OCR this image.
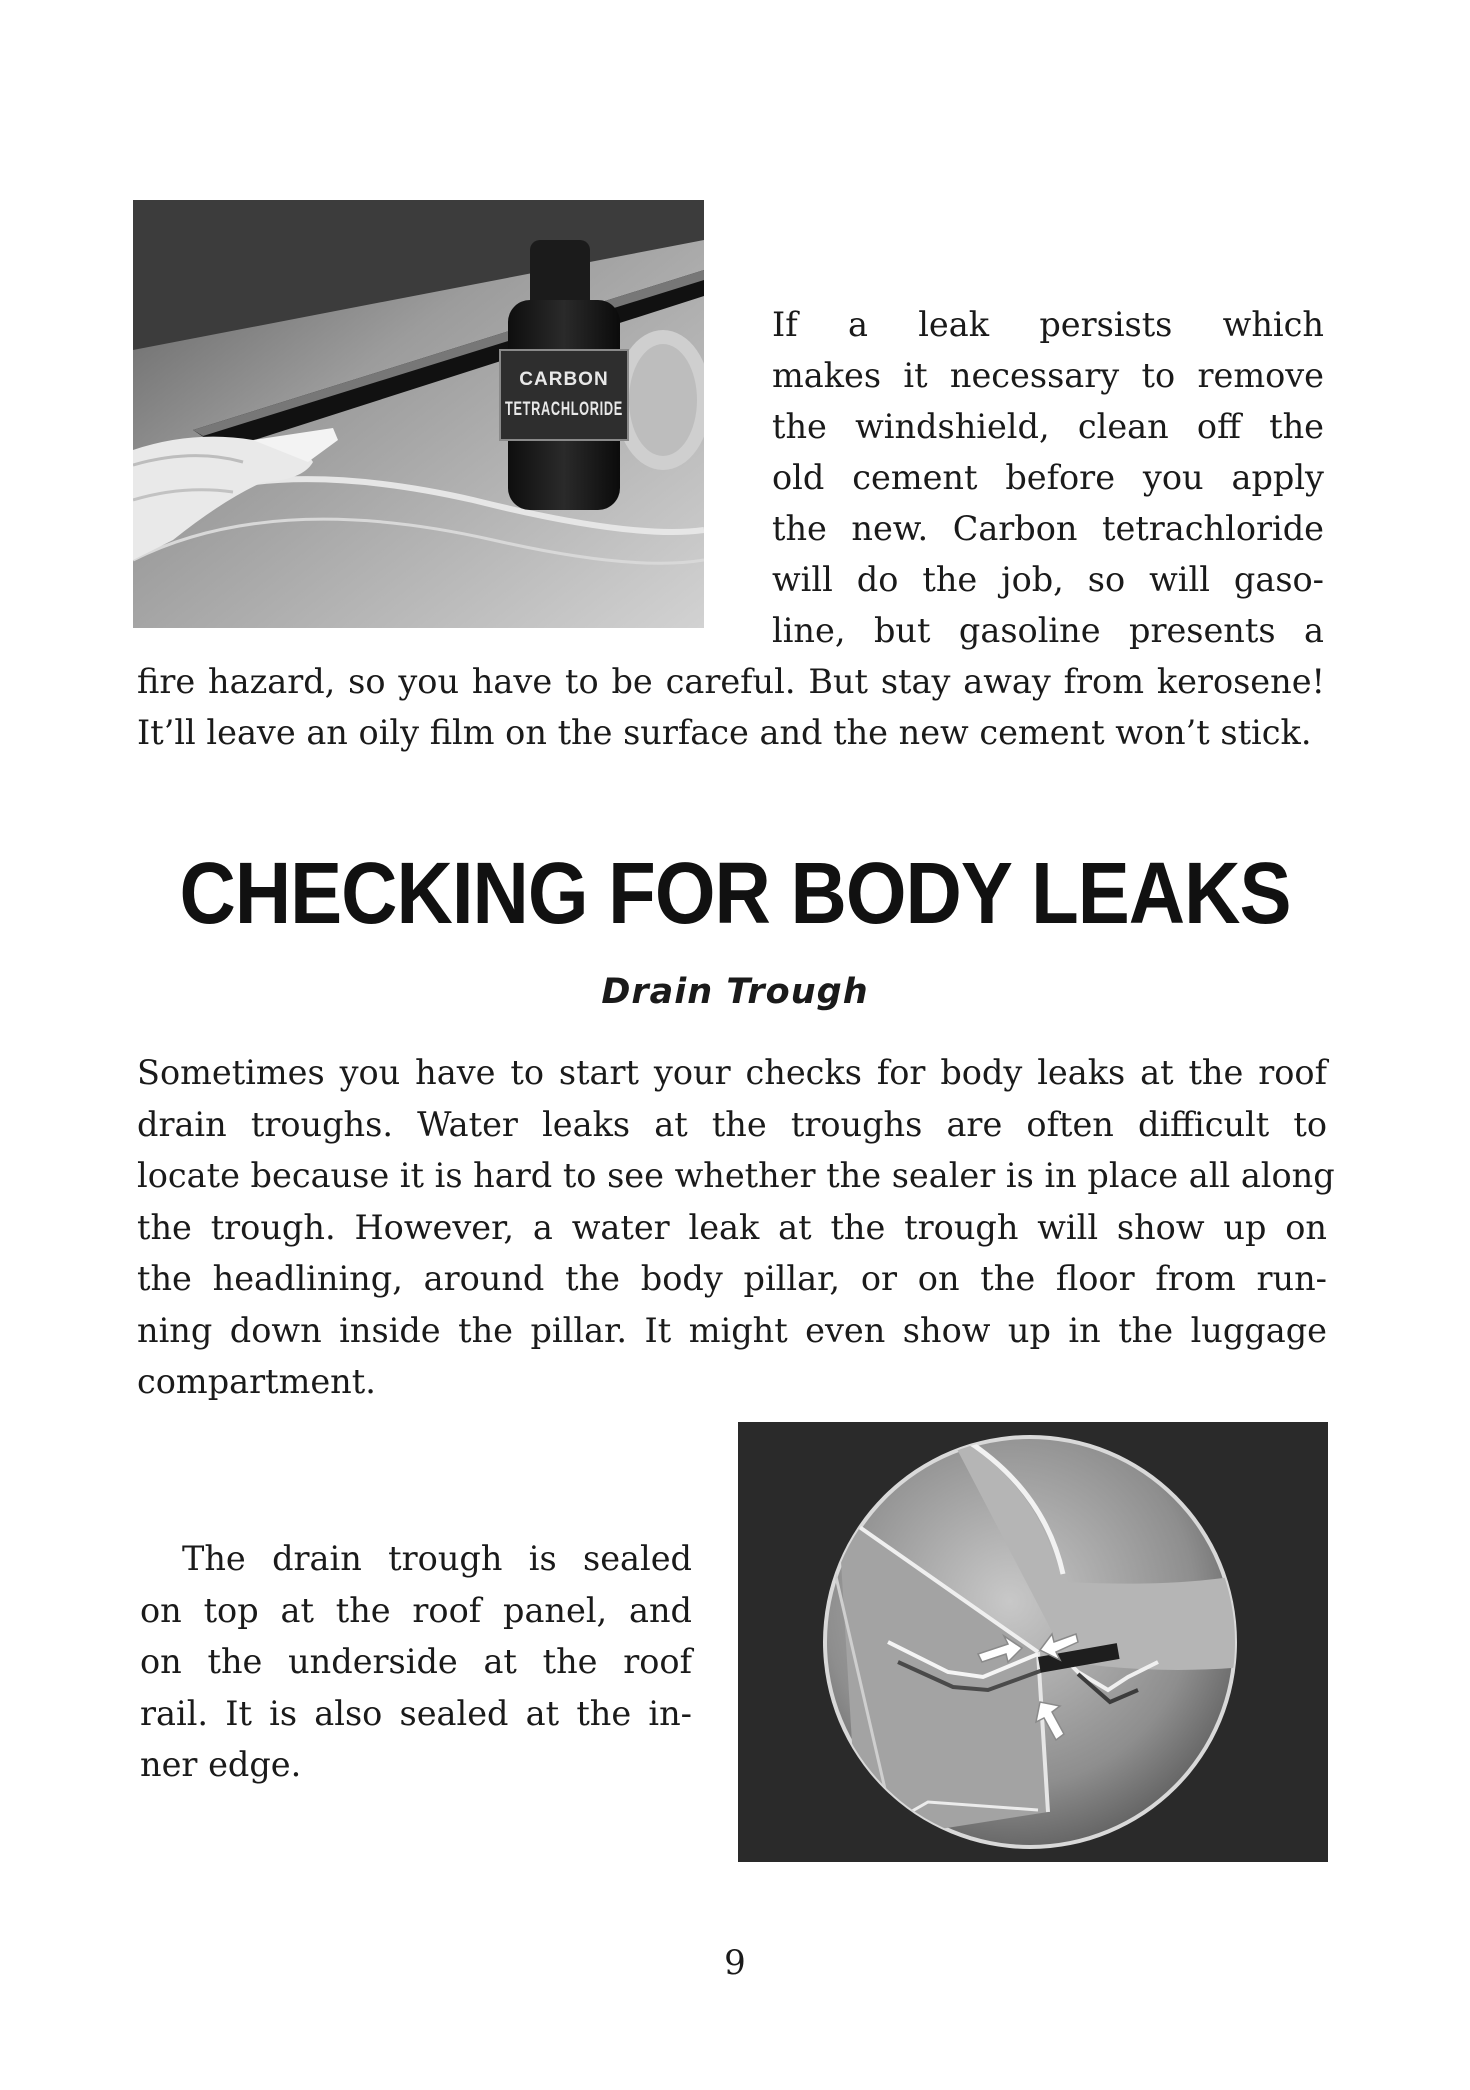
CARBON
TETRACHLORIDE

If a leak persists which

makes it necessary to remove

the windshield, clean off the

old cement before you apply

the new. Carbon tetrachloride

will do the job, so will gaso-

line, but gasoline presents a

fire hazard, so you have to be careful. But stay away from kerosene!
It’ll leave an oily film on the surface and the new cement won’t stick.
CHECKING FOR BODY LEAKS
Drain Trough
Sometimes you have to start your checks for body leaks at the roof
drain troughs. Water leaks at the troughs are often difficult to
locate because it is hard to see whether the sealer is in place all along
the trough. However, a water leak at the trough will show up on
the headlining, around the body pillar, or on the floor from run-
ning down inside the pillar. It might even show up in the luggage
compartment.
The drain trough is sealed
on top at the roof panel, and
on the underside at the roof
rail. It is also sealed at the in-
ner edge.
9
